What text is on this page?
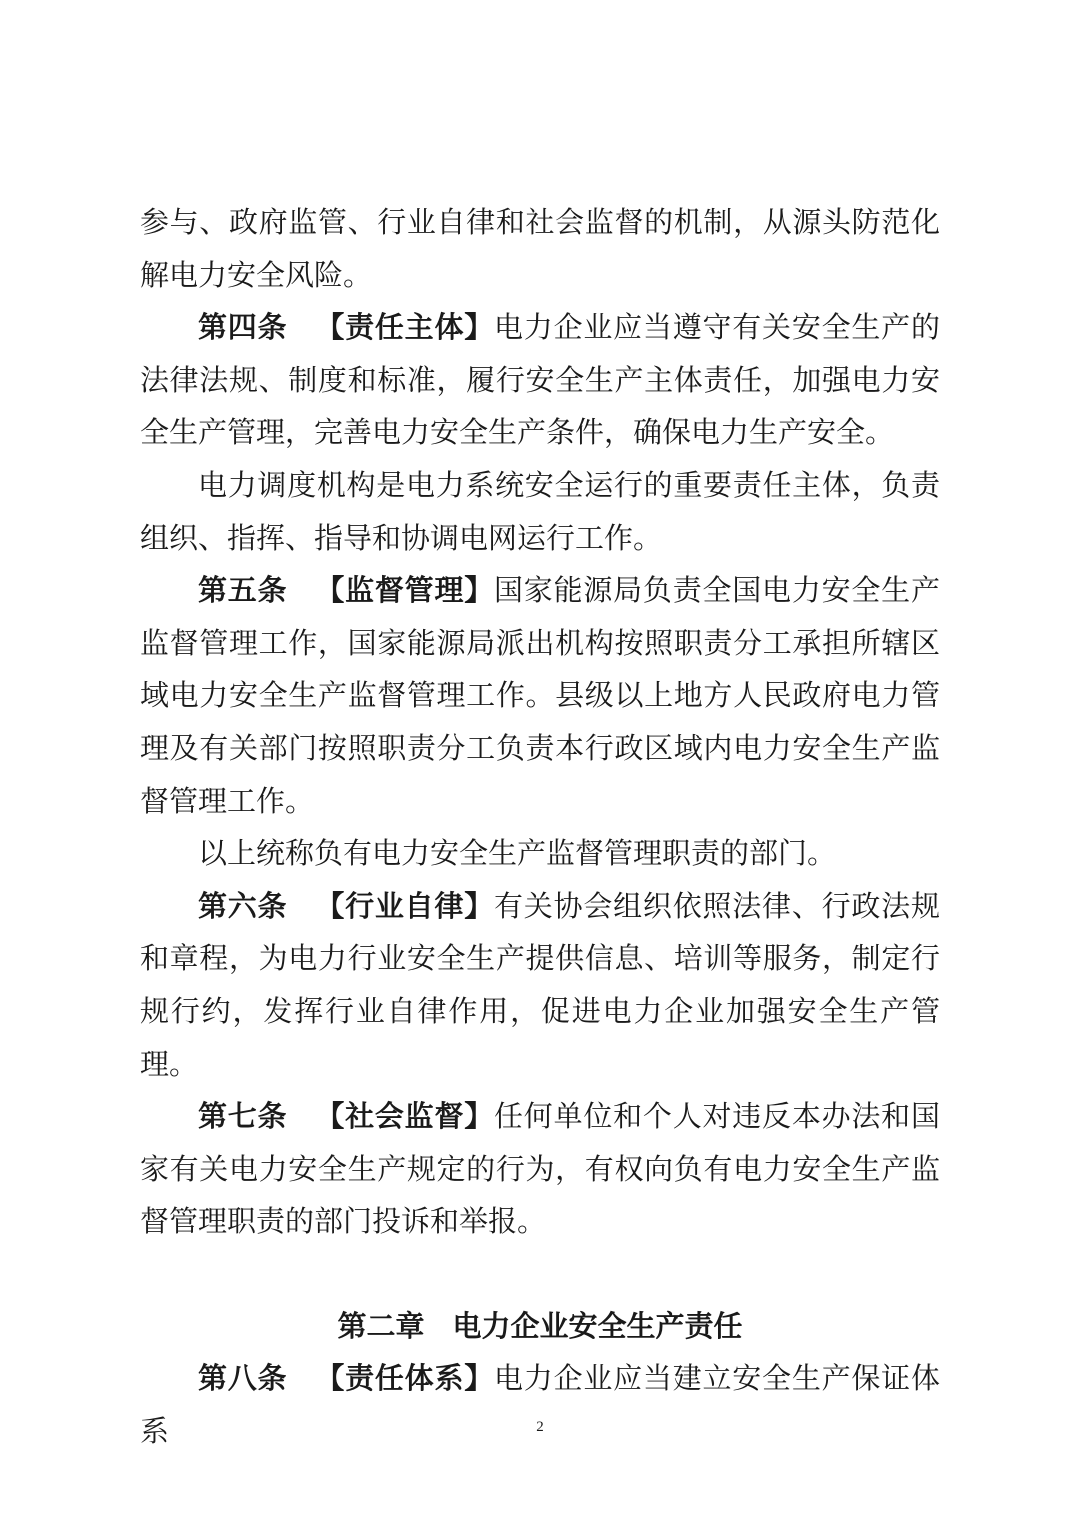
参与、政府监管、行业自律和社会监督的机制，从源头防范化解电力安全风险。

第四条 【责任主体】电力企业应当遵守有关安全生产的法律法规、制度和标准，履行安全生产主体责任，加强电力安全生产管理，完善电力安全生产条件，确保电力生产安全。

电力调度机构是电力系统安全运行的重要责任主体，负责组织、指挥、指导和协调电网运行工作。

第五条 【监督管理】国家能源局负责全国电力安全生产监督管理工作，国家能源局派出机构按照职责分工承担所辖区域电力安全生产监督管理工作。县级以上地方人民政府电力管理及有关部门按照职责分工负责本行政区域内电力安全生产监督管理工作。

以上统称负有电力安全生产监督管理职责的部门。

第六条 【行业自律】有关协会组织依照法律、行政法规和章程，为电力行业安全生产提供信息、培训等服务，制定行规行约，发挥行业自律作用，促进电力企业加强安全生产管理。

第七条 【社会监督】任何单位和个人对违反本办法和国家有关电力安全生产规定的行为，有权向负有电力安全生产监督管理职责的部门投诉和举报。

第二章 电力企业安全生产责任

第八条 【责任体系】电力企业应当建立安全生产保证体系	2
